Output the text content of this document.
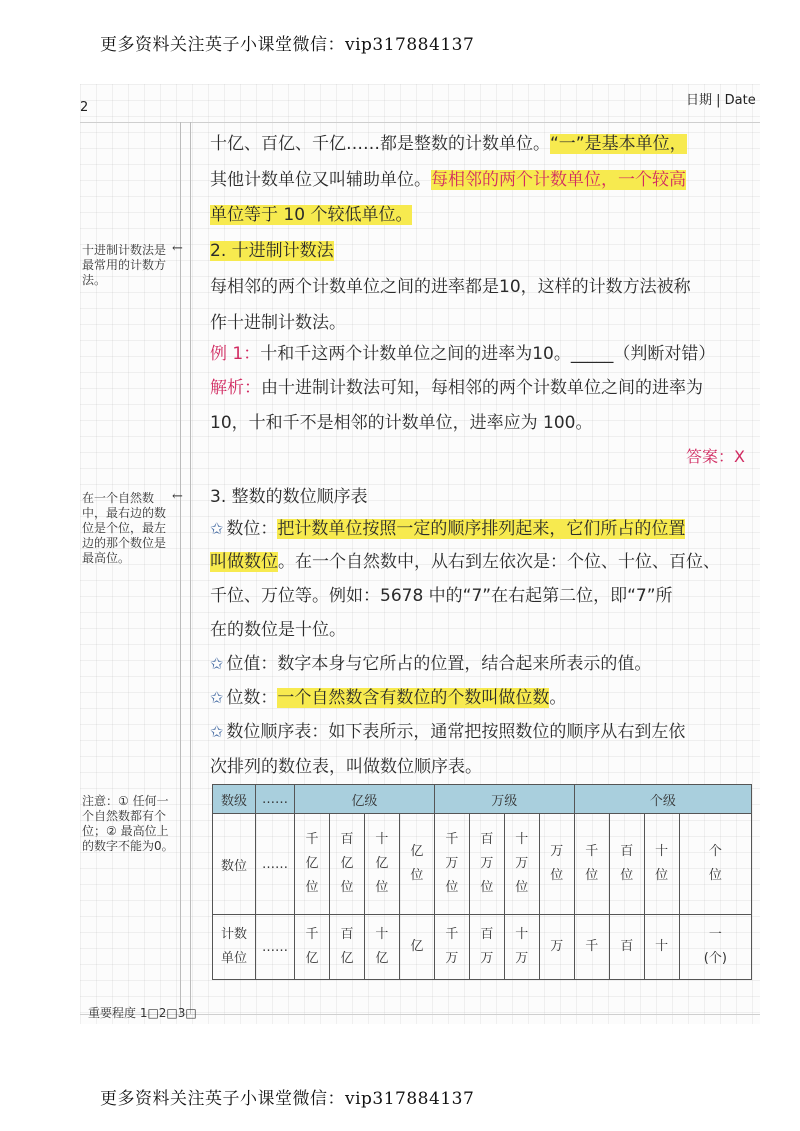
更多资料关注英子小课堂微信：vip317884137
2	日期 | Date
十亿、百亿、千亿……都是整数的计数单位。“一”是基本单位，
其他计数单位又叫辅助单位。每相邻的两个计数单位，一个较高
单位等于 10 个较低单位。
十进制计数法是最常用的计数方法。
← 2. 十进制计数法
每相邻的两个计数单位之间的进率都是10，这样的计数方法被称
作十进制计数法。
例 1：十和千这两个计数单位之间的进率为10。_____（判断对错）
解析：由十进制计数法可知，每相邻的两个计数单位之间的进率为
10，十和千不是相邻的计数单位，进率应为 100。
答案：X
在一个自然数中，最右边的数位是个位，最左边的那个数位是最高位。
← 3. 整数的数位顺序表
✩ 数位：把计数单位按照一定的顺序排列起来，它们所占的位置
叫做数位。在一个自然数中，从右到左依次是：个位、十位、百位、
千位、万位等。例如：5678 中的“7”在右起第二位，即“7”所
在的数位是十位。
✩ 位值：数字本身与它所占的位置，结合起来所表示的值。
✩ 位数：一个自然数含有数位的个数叫做位数。
✩ 数位顺序表：如下表所示，通常把按照数位的顺序从右到左依
次排列的数位表，叫做数位顺序表。
注意：① 任何一个自然数都有个位；② 最高位上的数字不能为0。
数级	……	亿级				万级				个级			
数位	……	千亿位	百亿位	十亿位	亿位	千万位	百万位	十万位	万位	千位	百位	十位	个位
计数单位	……	千亿	百亿	十亿	亿	千万	百万	十万	万	千	百	十	一(个)
重要程度 1□2□3□
更多资料关注英子小课堂微信：vip317884137
